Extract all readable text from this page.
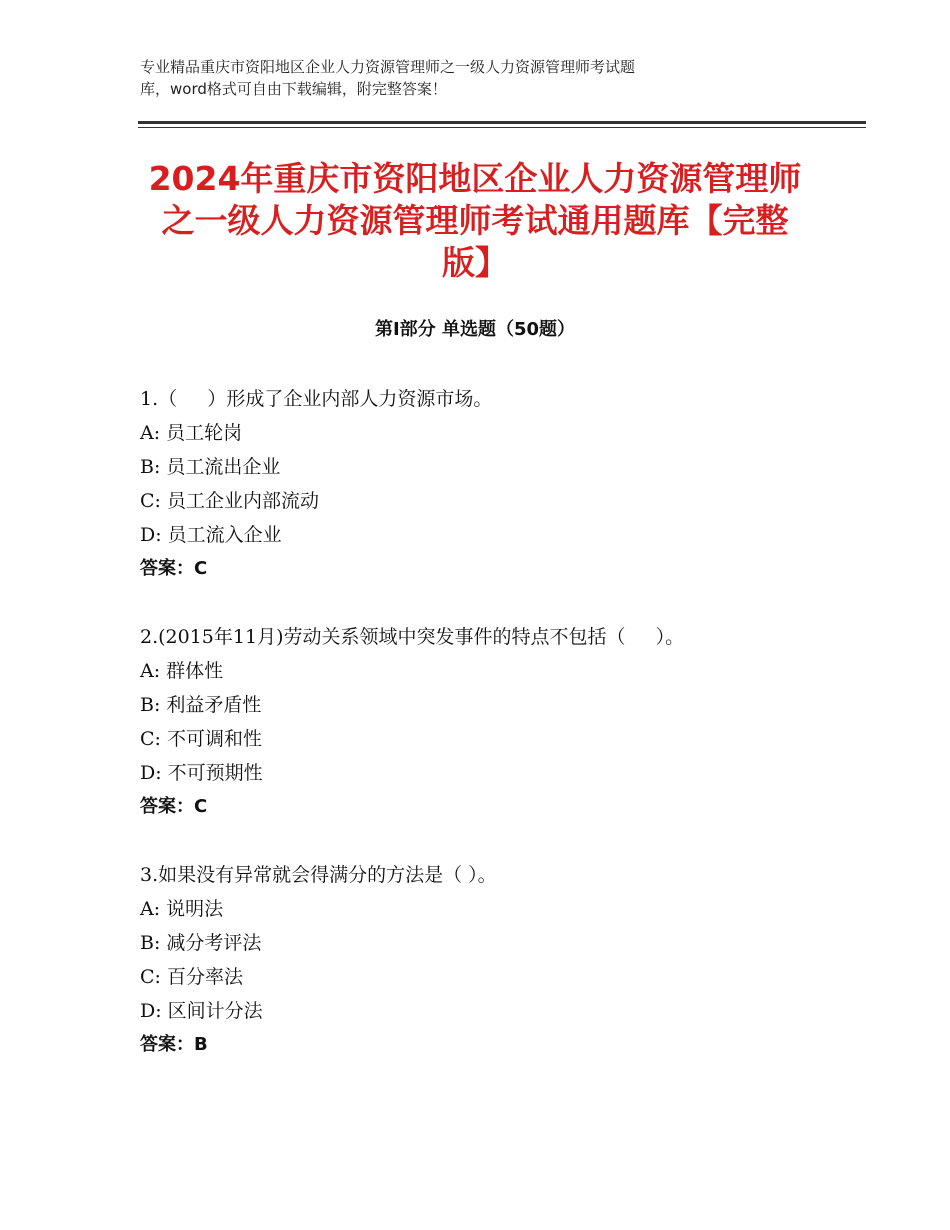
专业精品重庆市资阳地区企业人力资源管理师之一级人力资源管理师考试题
库，word格式可自由下载编辑，附完整答案！
2024年重庆市资阳地区企业人力资源管理师
之一级人力资源管理师考试通用题库【完整
版】
第Ⅰ部分 单选题（50题）
1.（     ）形成了企业内部人力资源市场。
A: 员工轮岗
B: 员工流出企业
C: 员工企业内部流动
D: 员工流入企业
答案：C
2.(2015年11月)劳动关系领域中突发事件的特点不包括（     ）。
A: 群体性
B: 利益矛盾性
C: 不可调和性
D: 不可预期性
答案：C
3.如果没有异常就会得满分的方法是（ ）。
A: 说明法
B: 减分考评法
C: 百分率法
D: 区间计分法
答案：B
